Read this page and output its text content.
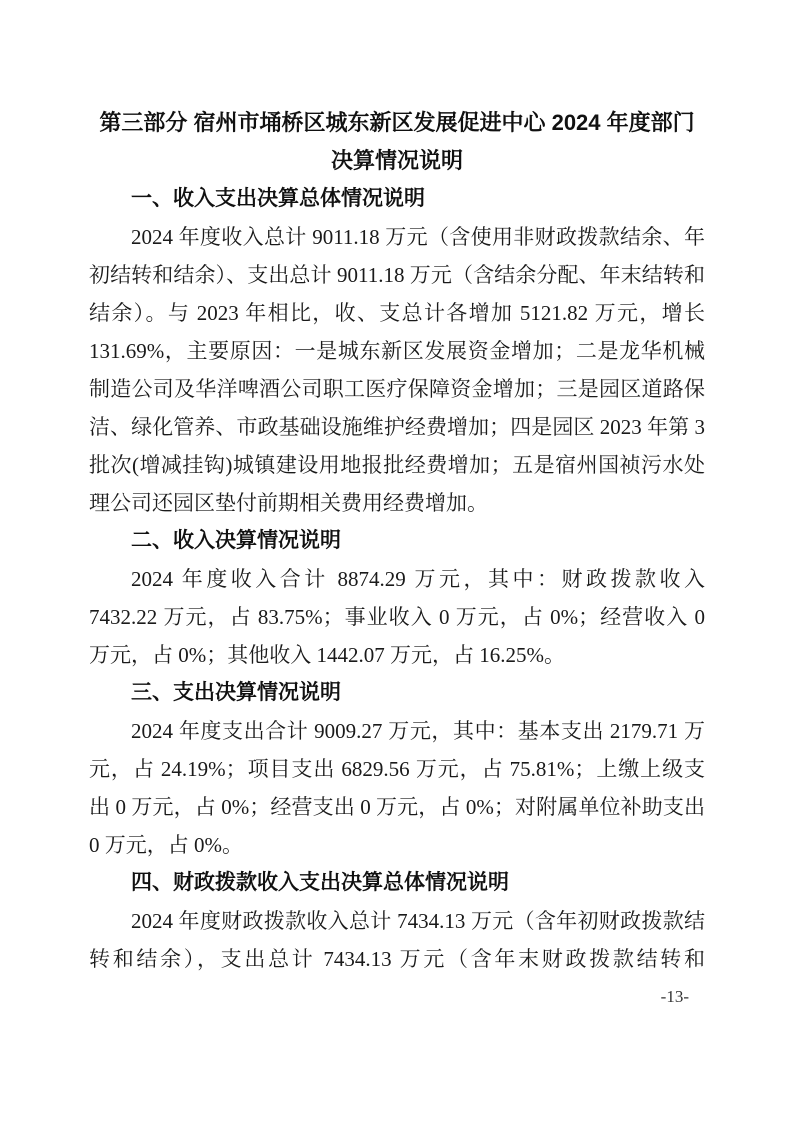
第三部分 宿州市埇桥区城东新区发展促进中心 2024 年度部门
决算情况说明
一、收入支出决算总体情况说明

2024 年度收入总计 9011.18 万元（含使用非财政拨款结余、年初结转和结余）、支出总计 9011.18 万元（含结余分配、年末结转和结余）。与 2023 年相比，收、支总计各增加 5121.82 万元，增长 131.69%，主要原因：一是城东新区发展资金增加；二是龙华机械制造公司及华洋啤酒公司职工医疗保障资金增加；三是园区道路保洁、绿化管养、市政基础设施维护经费增加；四是园区 2023 年第 3 批次(增减挂钩)城镇建设用地报批经费增加；五是宿州国祯污水处理公司还园区垫付前期相关费用经费增加。

二、收入决算情况说明

2024 年度收入合计 8874.29 万元，其中：财政拨款收入 7432.22 万元，占 83.75%；事业收入 0 万元，占 0%；经营收入 0 万元，占 0%；其他收入 1442.07 万元，占 16.25%。

三、支出决算情况说明

2024 年度支出合计 9009.27 万元，其中：基本支出 2179.71 万元，占 24.19%；项目支出 6829.56 万元，占 75.81%；上缴上级支出 0 万元，占 0%；经营支出 0 万元，占 0%；对附属单位补助支出 0 万元，占 0%。

四、财政拨款收入支出决算总体情况说明

2024 年度财政拨款收入总计 7434.13 万元（含年初财政拨款结转和结余），支出总计 7434.13 万元（含年末财政拨款结转和

-13-
